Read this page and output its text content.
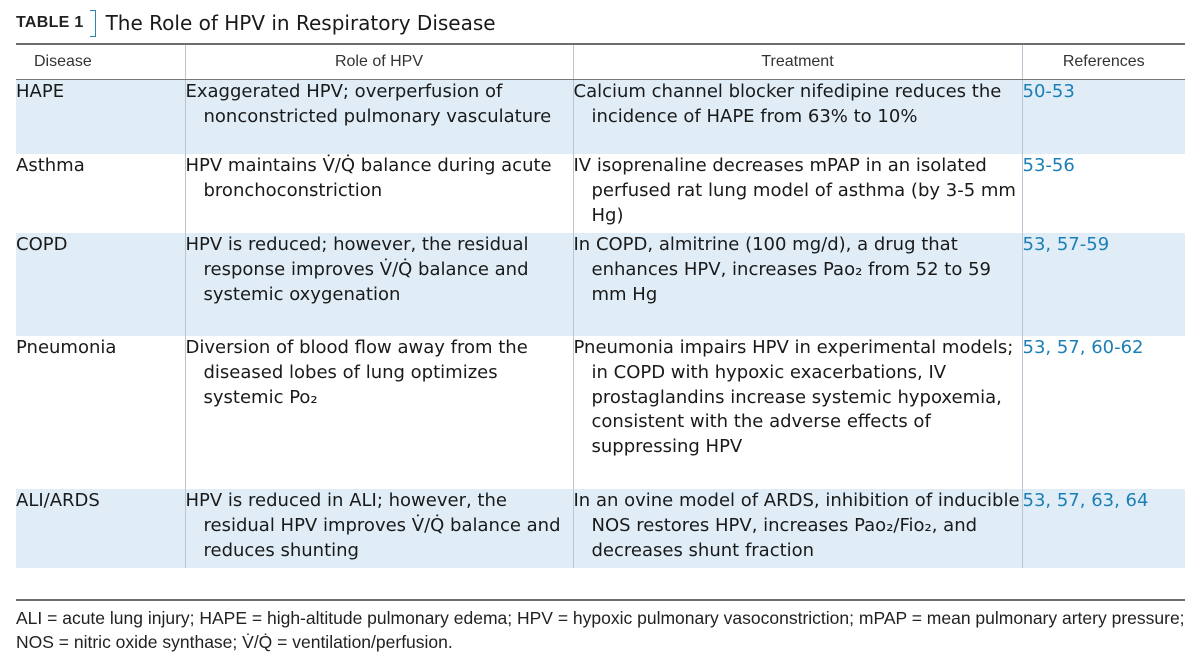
TABLE 1 The Role of HPV in Respiratory Disease
Disease	Role of HPV	Treatment	References
HAPE	Exaggerated HPV; overperfusion of nonconstricted pulmonary vasculature	Calcium channel blocker nifedipine reduces the incidence of HAPE from 63% to 10%	50-53
Asthma	HPV maintains V̇/Q̇ balance during acute bronchoconstriction	IV isoprenaline decreases mPAP in an isolated perfused rat lung model of asthma (by 3-5 mm Hg)	53-56
COPD	HPV is reduced; however, the residual response improves V̇/Q̇ balance and systemic oxygenation	In COPD, almitrine (100 mg/d), a drug that enhances HPV, increases Pao₂ from 52 to 59 mm Hg	53, 57-59
Pneumonia	Diversion of blood flow away from the diseased lobes of lung optimizes systemic Po₂	Pneumonia impairs HPV in experimental models; in COPD with hypoxic exacerbations, IV prostaglandins increase systemic hypoxemia, consistent with the adverse effects of suppressing HPV	53, 57, 60-62
ALI/ARDS	HPV is reduced in ALI; however, the residual HPV improves V̇/Q̇ balance and reduces shunting	In an ovine model of ARDS, inhibition of inducible NOS restores HPV, increases Pao₂/Fio₂, and decreases shunt fraction	53, 57, 63, 64
ALI = acute lung injury; HAPE = high-altitude pulmonary edema; HPV = hypoxic pulmonary vasoconstriction; mPAP = mean pulmonary artery pressure;
NOS = nitric oxide synthase; V̇/Q̇ = ventilation/perfusion.
